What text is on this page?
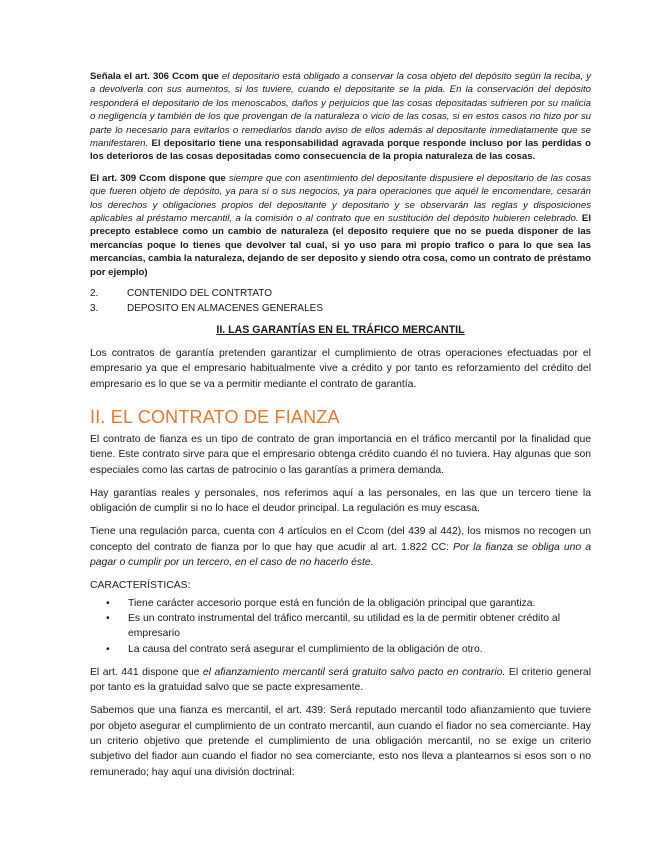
Señala el art. 306 Ccom que el depositario está obligado a conservar la cosa objeto del depósito según la reciba, y a devolverla con sus aumentos, si los tuviere, cuando el depositante se la pida. En la conservación del depósito responderá el depositario de los menoscabos, daños y perjuicios que las cosas depositadas sufrieren por su malicia o negligencia y también de los que provengan de la naturaleza o vicio de las cosas, si en estos casos no hizo por su parte lo necesario para evitarlos o remediarlos dando aviso de ellos además al depositante inmediatamente que se manifestaren. El depositario tiene una responsabilidad agravada porque responde incluso por las perdidas o los deterioros de las cosas depositadas como consecuencia de la propia naturaleza de las cosas.

El art. 309 Ccom dispone que siempre que con asentimiento del depositante dispusiere el depositario de las cosas que fueren objeto de depósito, ya para sí o sus negocios, ya para operaciones que aquél le encomendare, cesarán los derechos y obligaciones propios del depositante y depositario y se observarán las reglas y disposiciones aplicables al préstamo mercantil, a la comisión o al contrato que en sustitución del depósito hubieren celebrado. El precepto establece como un cambio de naturaleza (el deposito requiere que no se pueda disponer de las mercancías poque lo tienes que devolver tal cual, si yo uso para mi propio trafico o para lo que sea las mercancías, cambia la naturaleza, dejando de ser deposito y siendo otra cosa, como un contrato de préstamo por ejemplo)

2.	CONTENIDO DEL CONTRTATO
3.	DEPOSITO EN ALMACENES GENERALES
II. LAS GARANTÍAS EN EL TRÁFICO MERCANTIL

Los contratos de garantía pretenden garantizar el cumplimiento de otras operaciones efectuadas por el empresario ya que el empresario habitualmente vive a crédito y por tanto es reforzamiento del crédito del empresario es lo que se va a permitir mediante el contrato de garantía.

II. EL CONTRATO DE FIANZA

El contrato de fianza es un tipo de contrato de gran importancia en el tráfico mercantil por la finalidad que tiene. Este contrato sirve para que el empresario obtenga crédito cuando él no tuviera. Hay algunas que son especiales como las cartas de patrocinio o las garantías a primera demanda.

Hay garantías reales y personales, nos referimos aquí a las personales, en las que un tercero tiene la obligación de cumplir si no lo hace el deudor principal. La regulación es muy escasa.

Tiene una regulación parca, cuenta con 4 artículos en el Ccom (del 439 al 442), los mismos no recogen un concepto del contrato de fianza por lo que hay que acudir al art. 1.822 CC: Por la fianza se obliga uno a pagar o cumplir por un tercero, en el caso de no hacerlo éste.

CARACTERÍSTICAS:

•	Tiene carácter accesorio porque está en función de la obligación principal que garantiza.
•	Es un contrato instrumental del tráfico mercantil, su utilidad es la de permitir obtener crédito al empresario
•	La causa del contrato será asegurar el cumplimiento de la obligación de otro.

El art. 441 dispone que el afianzamiento mercantil será gratuito salvo pacto en contrario. El criterio general por tanto es la gratuidad salvo que se pacte expresamente.

Sabemos que una fianza es mercantil, el art. 439: Será reputado mercantil todo afianzamiento que tuviere por objeto asegurar el cumplimiento de un contrato mercantil, aun cuando el fiador no sea comerciante. Hay un criterio objetivo que pretende el cumplimiento de una obligación mercantil, no se exige un criterio subjetivo del fiador aun cuando el fiador no sea comerciante, esto nos lleva a plantearnos si esos son o no remunerado; hay aquí una división doctrinal:
